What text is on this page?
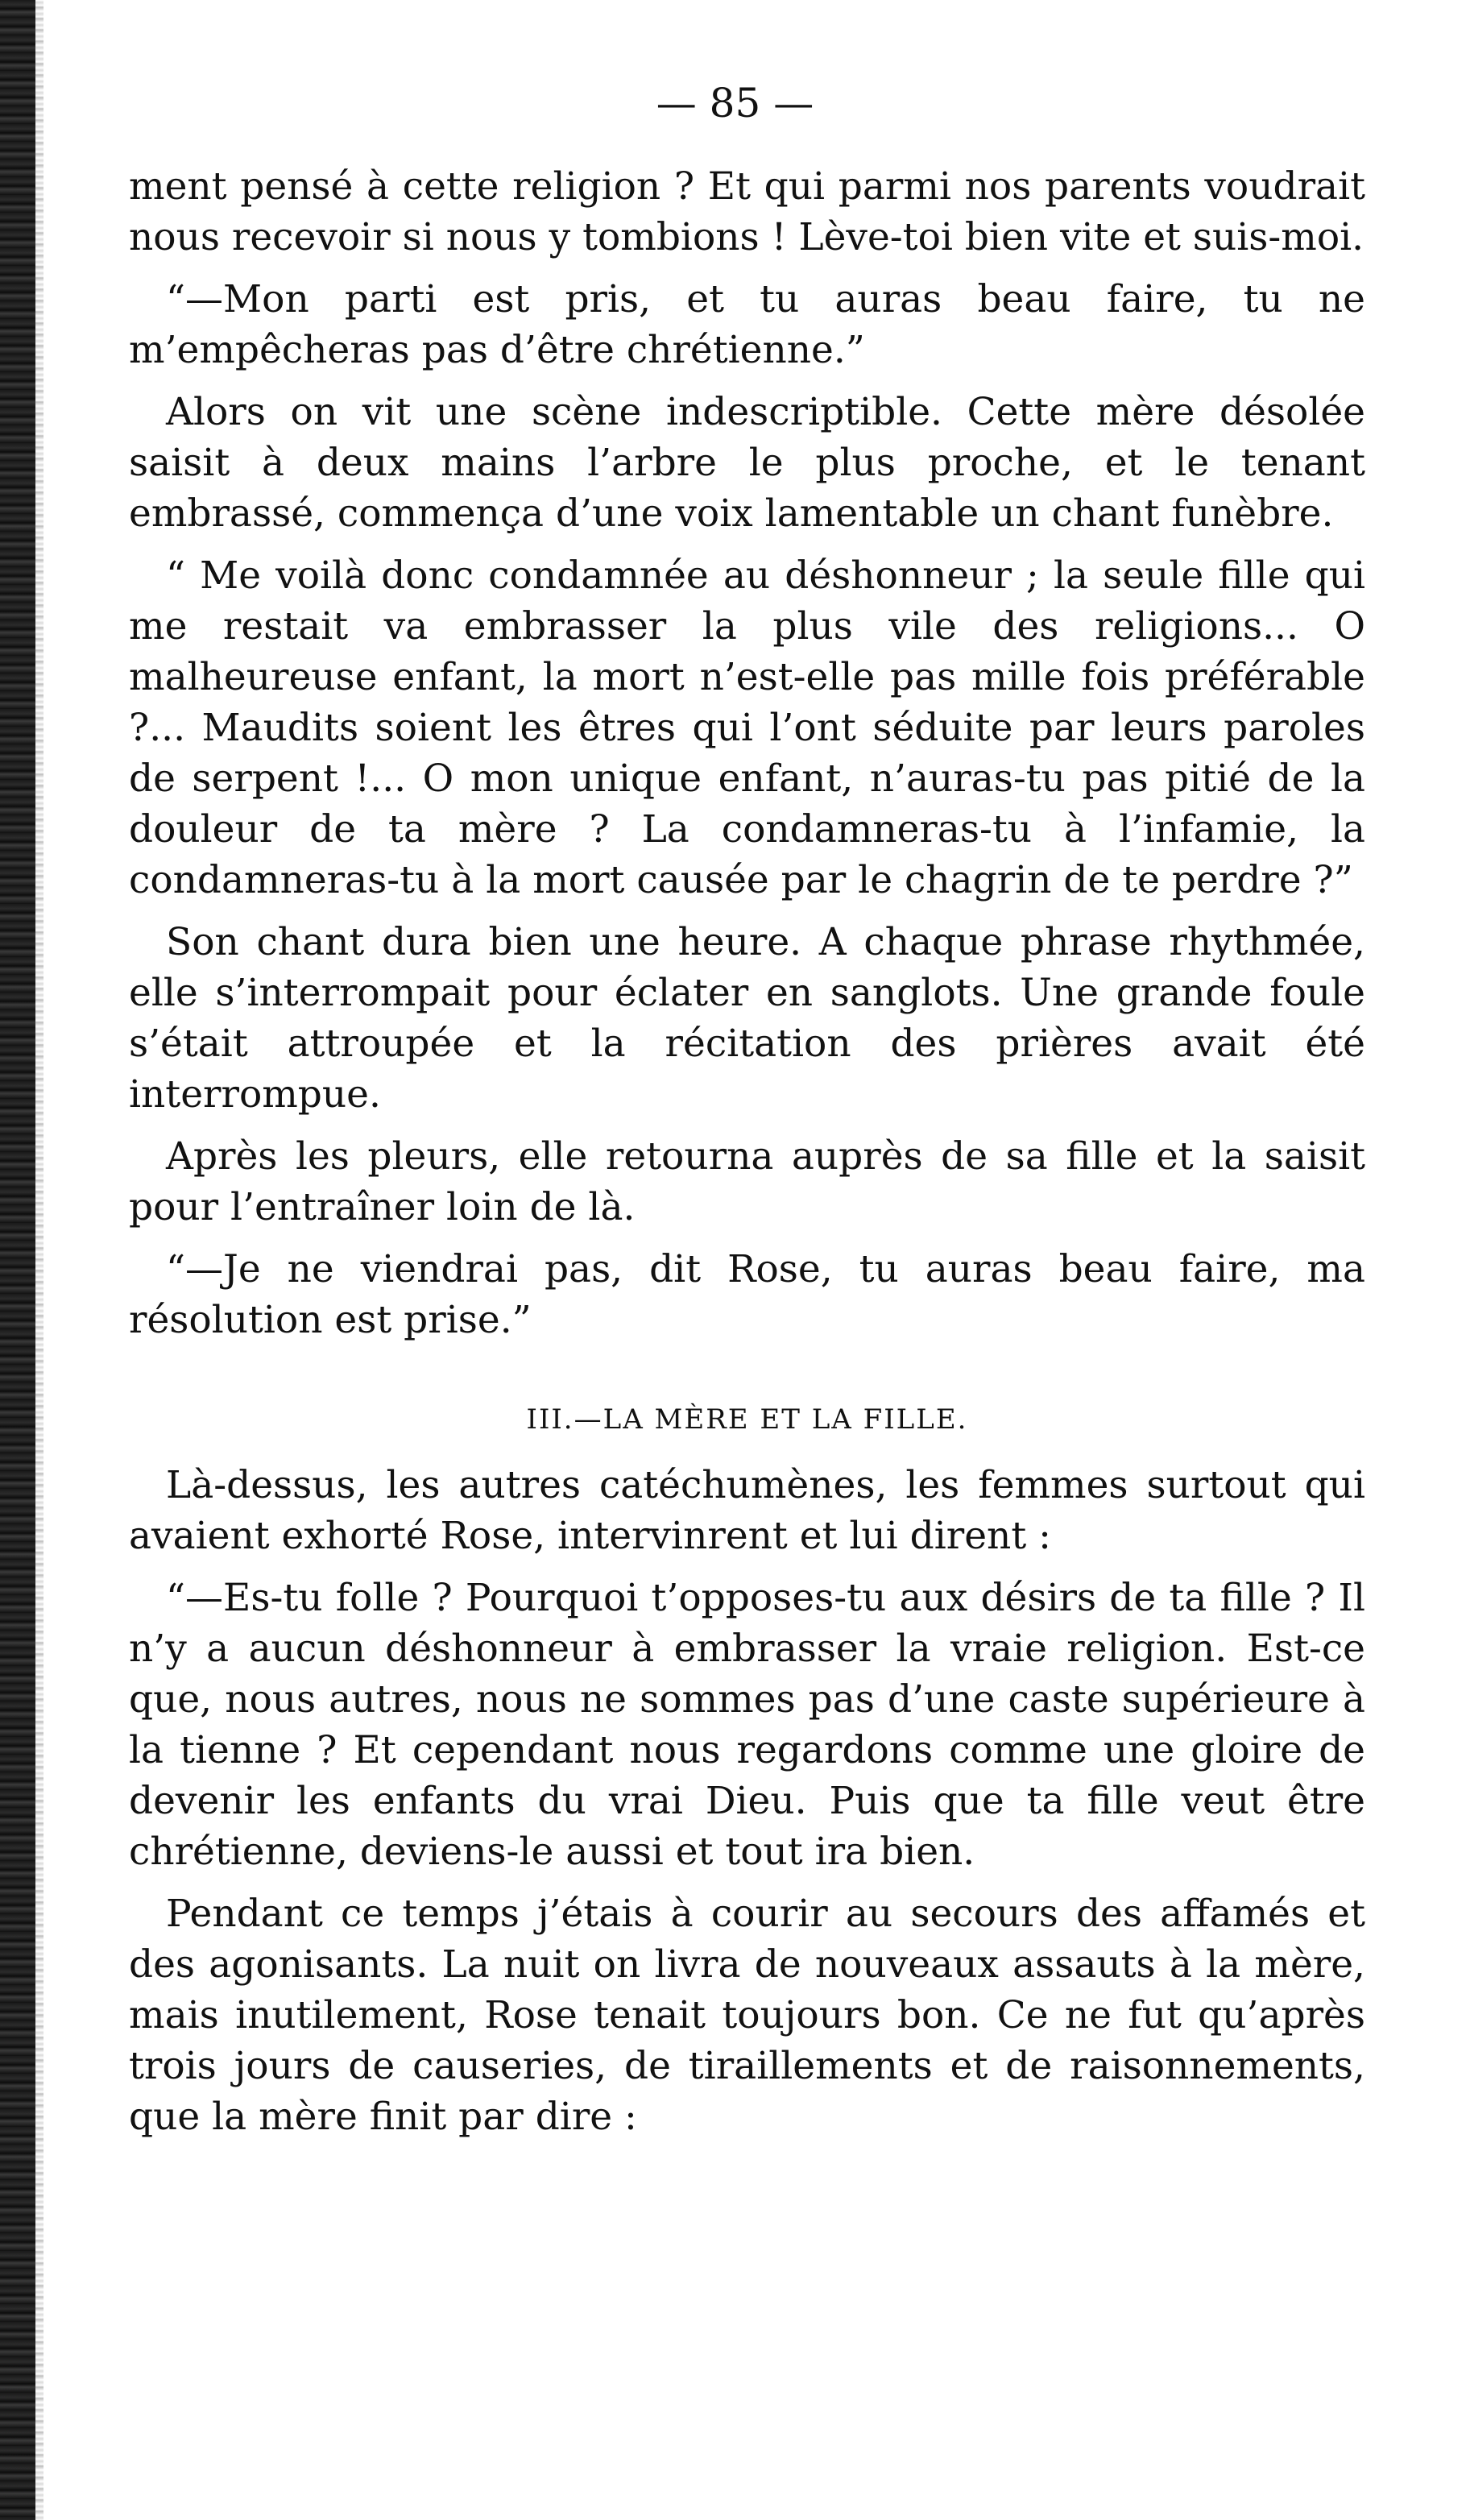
— 85 —

ment pensé à cette religion ? Et qui parmi nos parents voudrait nous recevoir si nous y tombions ! Lève-toi bien vite et suis-moi.

“—Mon parti est pris, et tu auras beau faire, tu ne m’empêcheras pas d’être chrétienne.”

Alors on vit une scène indescriptible. Cette mère désolée saisit à deux mains l’arbre le plus proche, et le tenant embrassé, commença d’une voix lamentable un chant funèbre.

“ Me voilà donc condamnée au déshonneur ; la seule fille qui me restait va embrasser la plus vile des religions... O malheureuse enfant, la mort n’est-elle pas mille fois préférable ?... Maudits soient les êtres qui l’ont séduite par leurs paroles de serpent !... O mon unique enfant, n’auras-tu pas pitié de la douleur de ta mère ? La condamneras-tu à l’infamie, la condamneras-tu à la mort causée par le chagrin de te perdre ?”

Son chant dura bien une heure. A chaque phrase rhythmée, elle s’interrompait pour éclater en sanglots. Une grande foule s’était attroupée et la récitation des prières avait été interrompue.

Après les pleurs, elle retourna auprès de sa fille et la saisit pour l’entraîner loin de là.

“—Je ne viendrai pas, dit Rose, tu auras beau faire, ma résolution est prise.”

III.—LA MÈRE ET LA FILLE.

Là-dessus, les autres catéchumènes, les femmes surtout qui avaient exhorté Rose, intervinrent et lui dirent :

“—Es-tu folle ? Pourquoi t’opposes-tu aux désirs de ta fille ? Il n’y a aucun déshonneur à embrasser la vraie religion. Est-ce que, nous autres, nous ne sommes pas d’une caste supérieure à la tienne ? Et cependant nous regardons comme une gloire de devenir les enfants du vrai Dieu. Puis que ta fille veut être chrétienne, deviens-le aussi et tout ira bien.

Pendant ce temps j’étais à courir au secours des affamés et des agonisants. La nuit on livra de nouveaux assauts à la mère, mais inutilement, Rose tenait toujours bon. Ce ne fut qu’après trois jours de causeries, de tiraillements et de raisonnements, que la mère finit par dire :
